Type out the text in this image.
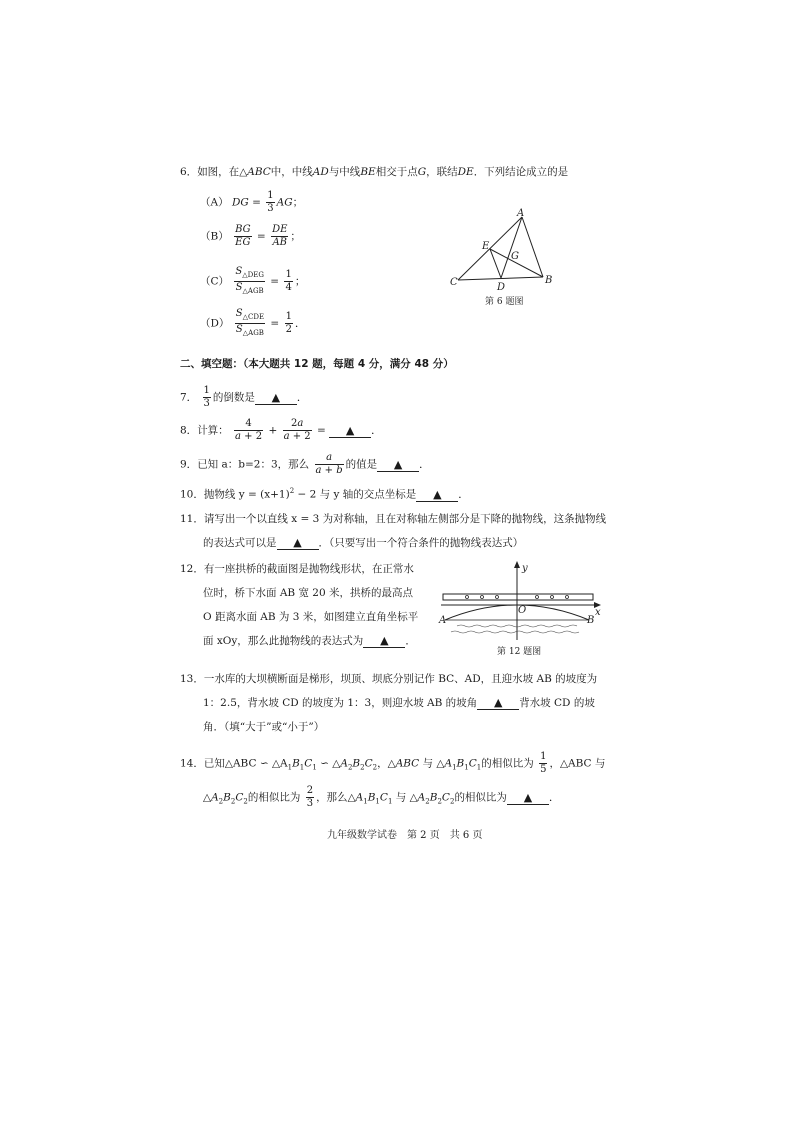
6．如图，在△ABC中，中线AD与中线BE相交于点G，联结DE．下列结论成立的是
（A） DG = $\frac{1}{3}$ AG；
$(B) \frac{BG}{EG} = \frac{DE}{AB}$ ；
$(C) \frac{S_{\triangle DEG}}{S_{\triangle AGB}} = \frac{1}{4}$ ；
$(D) \frac{S_{\triangle CDE}}{S_{\triangle AGB}} = \frac{1}{2}$ ．
A
B
C	D
E
G
第 6 题图
二、填空题：（本大题共 12 题，每题 4 分，满分 48 分）
7． $\frac{1}{3}$ 的倒数是 ▲ ．
8．计算： $\frac{4}{a + 2} + \frac{2a}{a + 2}$ = ▲ ．
9．已知 a：b=2：3，那么 $\frac{a}{a + b}$ 的值是 ▲ ．
10．抛物线 $y = (x+1)^2 - 2$ 与 y 轴的交点坐标是 ▲ ．
11．请写出一个以直线 x = 3 为对称轴，且在对称轴左侧部分是下降的抛物线，这条抛物线
的表达式可以是 ▲ ．（只要写出一个符合条件的抛物线表达式）
12．有一座拱桥的截面图是抛物线形状，在正常水
位时，桥下水面 AB 宽 20 米，拱桥的最高点
O 距离水面 AB 为 3 米，如图建立直角坐标平
面 xOy，那么此抛物线的表达式为 ▲ ．
y
x
O
A	B
第 12 题图
13．一水库的大坝横断面是梯形，坝顶、坝底分别记作 BC、AD，且迎水坡 AB 的坡度为
1：2.5，背水坡 CD 的坡度为 1：3，则迎水坡 AB 的坡角 ▲ 背水坡 CD 的坡
角．（填“大于”或“小于”）
14．已知△ABC ∽ $\triangle A_1B_1C_1$ ∽ $\triangle A_2B_2C_2$，△ABC 与 $\triangle A_1B_1C_1$的相似比为 $\frac{1}{5}$ ，△ABC 与
$\triangle A_2B_2C_2$的相似比为 $\frac{2}{3}$ ，那么$\triangle A_1B_1C_1$ 与 $\triangle A_2B_2C_2$的相似比为 ▲ ．
九年级数学试卷　第 2 页　共 6 页
